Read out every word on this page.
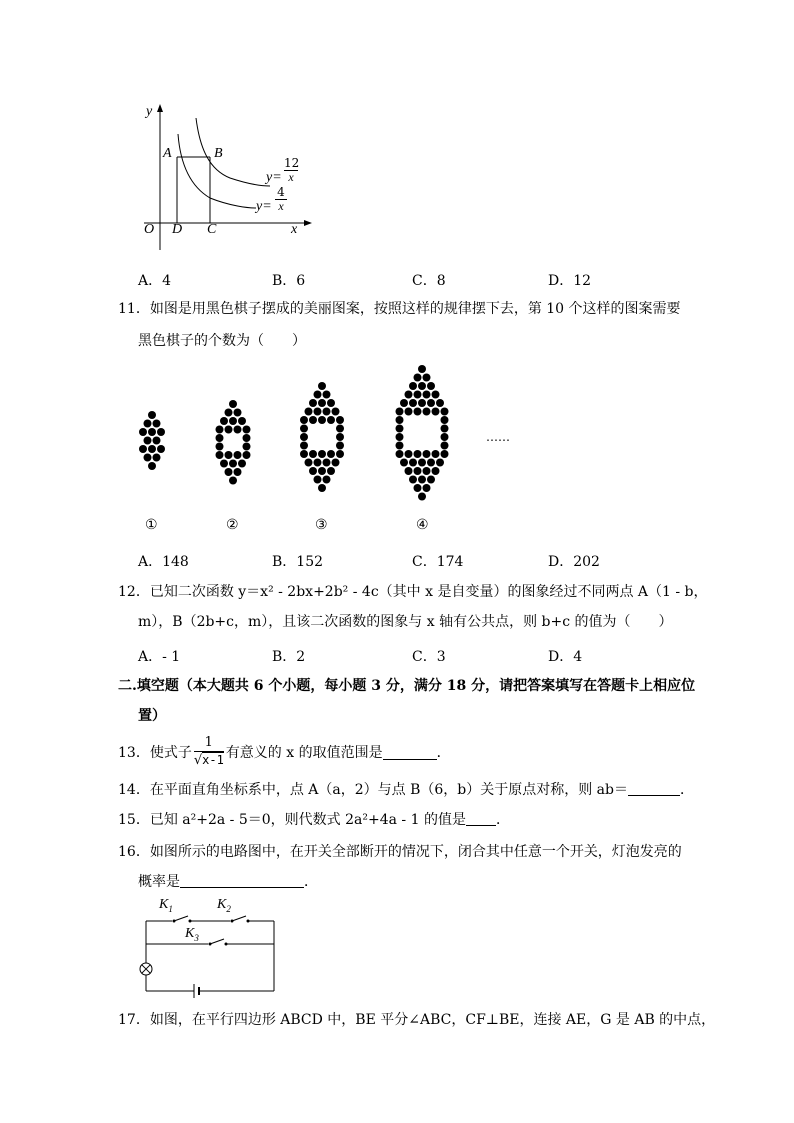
y
A	B
O D C	x
$y= \frac{12}{x}$
$y= \frac{4}{x}$
A．4	B．6	C．8	D．12
11．如图是用黑色棋子摆成的美丽图案，按照这样的规律摆下去，第 10 个这样的图案需要
黑色棋子的个数为（　　）
①	②	③	④
……
A．148	B．152	C．174	D．202
12．已知二次函数 y＝x² - 2bx+2b² - 4c（其中 x 是自变量）的图象经过不同两点 A（1 - b，
m），B（2b+c，m），且该二次函数的图象与 x 轴有公共点，则 b+c 的值为（　　）
A．- 1	B．2	C．3	D．4
二.填空题（本大题共 6 个小题，每小题 3 分，满分 18 分，请把答案填写在答题卡上相应位
置）
13．使式子 $\frac{1}{√x-1}$ 有意义的 x 的取值范围是	．
14．在平面直角坐标系中，点 A（a，2）与点 B（6，b）关于原点对称，则 ab＝	．
15．已知 a²+2a - 5＝0，则代数式 2a²+4a - 1 的值是 ．
16．如图所示的电路图中，在开关全部断开的情况下，闭合其中任意一个开关，灯泡发亮的
概率是	．
$K_1$	$K_2$
$K_3$
17．如图，在平行四边形 ABCD 中，BE 平分∠ABC，CF⊥BE，连接 AE，G 是 AB 的中点，
